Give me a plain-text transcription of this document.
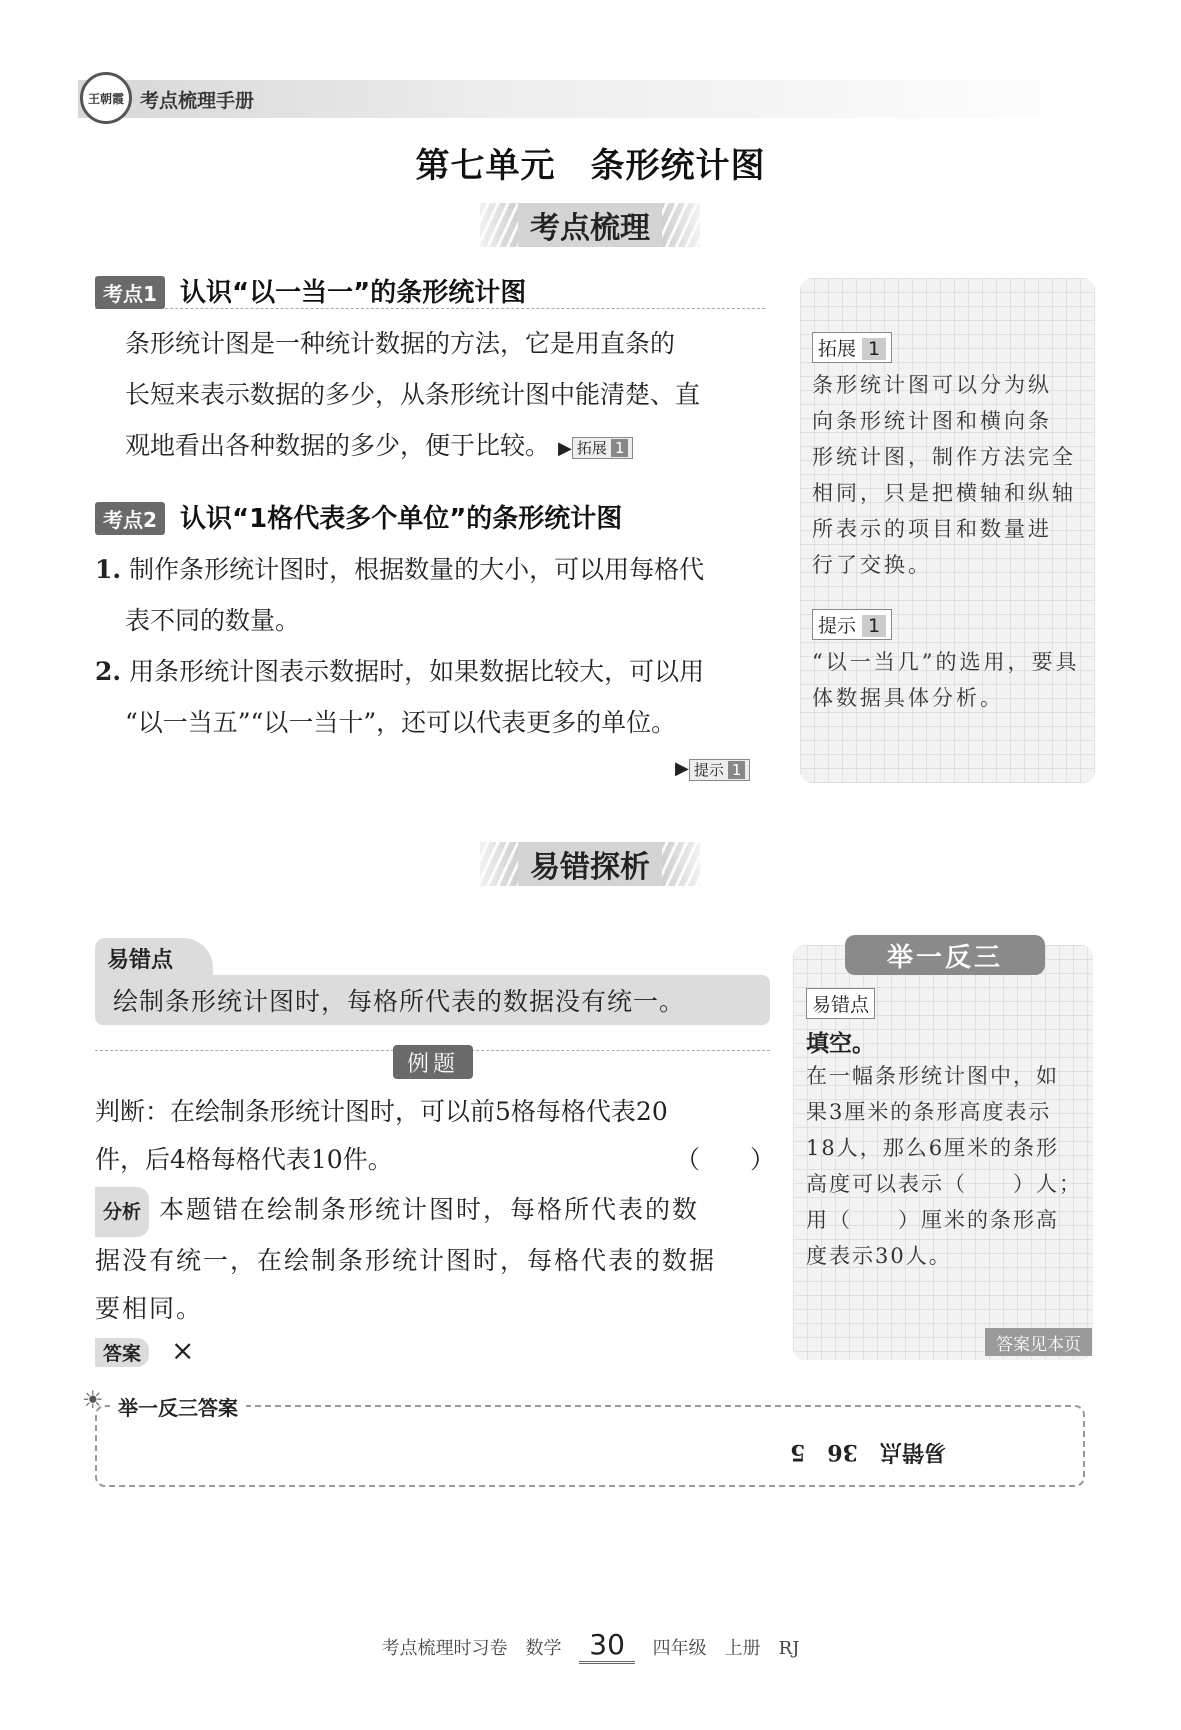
王朝霞 考点梳理手册
第七单元　条形统计图
考点梳理
考点1 认识“以一当一”的条形统计图
条形统计图是一种统计数据的方法，它是用直条的
长短来表示数据的多少，从条形统计图中能清楚、直
观地看出各种数据的多少，便于比较。 ▶ 拓展 1
考点2 认识“1格代表多个单位”的条形统计图
1. 制作条形统计图时，根据数量的大小，可以用每格代
表不同的数量。
2. 用条形统计图表示数据时，如果数据比较大，可以用
“以一当五”“以一当十”，还可以代表更多的单位。
▶ 提示 1
拓展 1
条形统计图可以分为纵
向条形统计图和横向条
形统计图，制作方法完全
相同，只是把横轴和纵轴
所表示的项目和数量进
行了交换。
提示 1
“以一当几”的选用，要具
体数据具体分析。
易错探析
易错点
绘制条形统计图时，每格所代表的数据没有统一。
例题
判断：在绘制条形统计图时，可以前5格每格代表20
件，后4格每格代表10件。	（　　）
分析 本题错在绘制条形统计图时，每格所代表的数
据没有统一，在绘制条形统计图时，每格代表的数据
要相同。
答案 ×
举一反三
易错点
填空。
在一幅条形统计图中，如
果3厘米的条形高度表示
18人，那么6厘米的条形
高度可以表示（　　）人；
用（　　）厘米的条形高
度表示30人。
答案见本页
☀ 举一反三答案
易错点　36　5
考点梳理时习卷　数学 30 四年级　上册　RJ
